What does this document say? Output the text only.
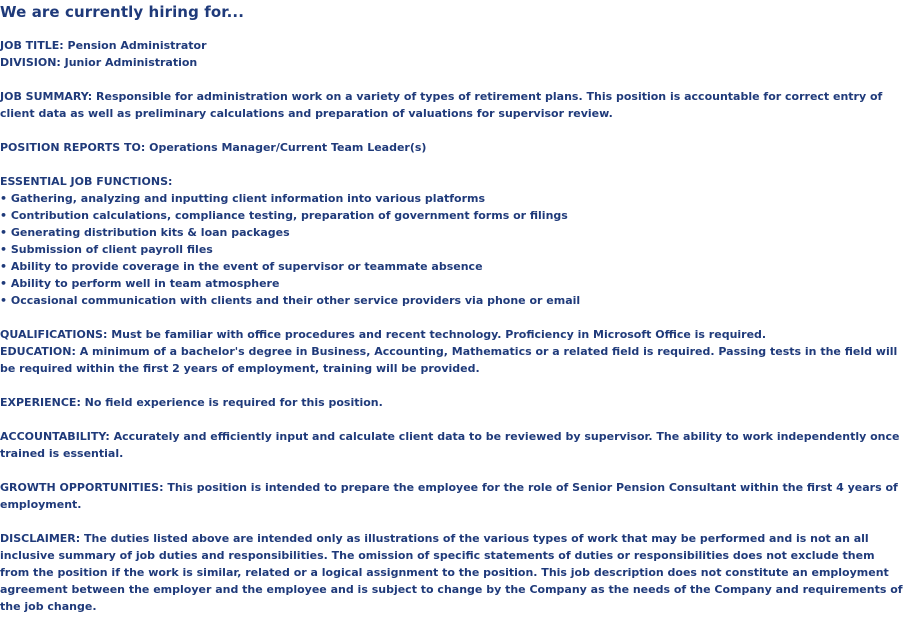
We are currently hiring for...
JOB TITLE: Pension Administrator
DIVISION: Junior Administration
JOB SUMMARY: Responsible for administration work on a variety of types of retirement plans. This position is accountable for correct entry of client data as well as preliminary calculations and preparation of valuations for supervisor review.
POSITION REPORTS TO: Operations Manager/Current Team Leader(s)
ESSENTIAL JOB FUNCTIONS:
• Gathering, analyzing and inputting client information into various platforms
• Contribution calculations, compliance testing, preparation of government forms or filings
• Generating distribution kits & loan packages
• Submission of client payroll files
• Ability to provide coverage in the event of supervisor or teammate absence
• Ability to perform well in team atmosphere
• Occasional communication with clients and their other service providers via phone or email
QUALIFICATIONS: Must be familiar with office procedures and recent technology. Proficiency in Microsoft Office is required.
EDUCATION: A minimum of a bachelor's degree in Business, Accounting, Mathematics or a related field is required. Passing tests in the field will be required within the first 2 years of employment, training will be provided.
EXPERIENCE: No field experience is required for this position.
ACCOUNTABILITY: Accurately and efficiently input and calculate client data to be reviewed by supervisor. The ability to work independently once trained is essential.
GROWTH OPPORTUNITIES: This position is intended to prepare the employee for the role of Senior Pension Consultant within the first 4 years of employment.
DISCLAIMER: The duties listed above are intended only as illustrations of the various types of work that may be performed and is not an all inclusive summary of job duties and responsibilities. The omission of specific statements of duties or responsibilities does not exclude them from the position if the work is similar, related or a logical assignment to the position. This job description does not constitute an employment agreement between the employer and the employee and is subject to change by the Company as the needs of the Company and requirements of the job change.
